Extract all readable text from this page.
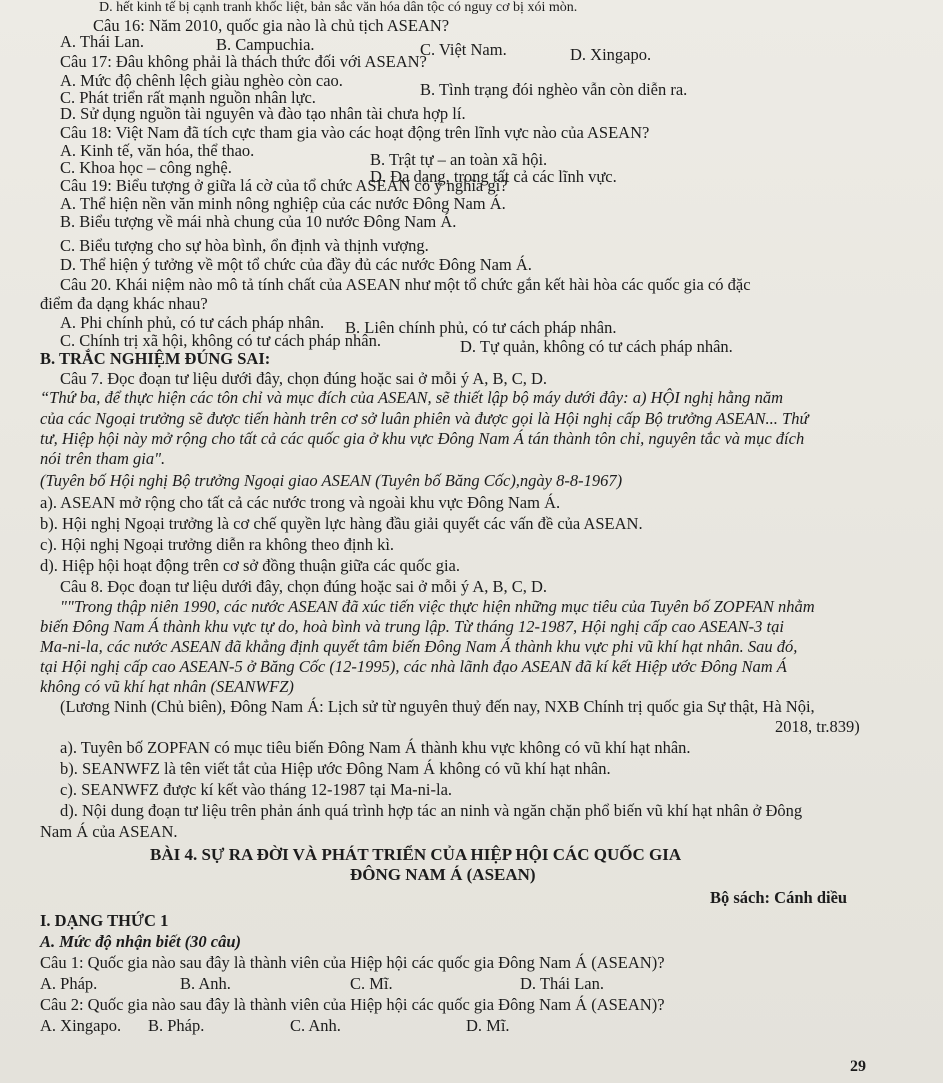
D. hết kinh tế bị cạnh tranh khốc liệt, bản sắc văn hóa dân tộc có nguy cơ bị xói mòn.
Câu 16: Năm 2010, quốc gia nào là chủ tịch ASEAN?
A. Thái Lan.	B. Campuchia.	C. Việt Nam.	D. Xingapo.
Câu 17: Đâu không phải là thách thức đối với ASEAN?
A. Mức độ chênh lệch giàu nghèo còn cao.	B. Tình trạng đói nghèo vẫn còn diễn ra.
C. Phát triển rất mạnh nguồn nhân lực.
D. Sử dụng nguồn tài nguyên và đào tạo nhân tài chưa hợp lí.
Câu 18: Việt Nam đã tích cực tham gia vào các hoạt động trên lĩnh vực nào của ASEAN?
A. Kinh tế, văn hóa, thể thao.	B. Trật tự – an toàn xã hội.
C. Khoa học – công nghệ.	D. Đa dạng, trong tất cả các lĩnh vực.
Câu 19: Biểu tượng ở giữa lá cờ của tổ chức ASEAN có ý nghĩa gì?
A. Thể hiện nền văn minh nông nghiệp của các nước Đông Nam Á.
B. Biểu tượng về mái nhà chung của 10 nước Đông Nam Á.
C. Biểu tượng cho sự hòa bình, ổn định và thịnh vượng.
D. Thể hiện ý tưởng về một tổ chức của đầy đủ các nước Đông Nam Á.
Câu 20. Khái niệm nào mô tả tính chất của ASEAN như một tổ chức gắn kết hài hòa các quốc gia có đặc
điểm đa dạng khác nhau?
A. Phi chính phủ, có tư cách pháp nhân. B. Liên chính phủ, có tư cách pháp nhân.
C. Chính trị xã hội, không có tư cách pháp nhân.	D. Tự quản, không có tư cách pháp nhân.
B. TRẮC NGHIỆM ĐÚNG SAI:
Câu 7. Đọc đoạn tư liệu dưới đây, chọn đúng hoặc sai ở mỗi ý A, B, C, D.
“Thứ ba, để thực hiện các tôn chỉ và mục đích của ASEAN, sẽ thiết lập bộ máy dưới đây: a) HỘI nghị hằng năm
của các Ngoại trưởng sẽ được tiến hành trên cơ sở luân phiên và được gọi là Hội nghị cấp Bộ trưởng ASEAN... Thứ
tư, Hiệp hội này mở rộng cho tất cả các quốc gia ở khu vực Đông Nam Á tán thành tôn chỉ, nguyên tắc và mục đích
nói trên tham gia".
(Tuyên bố Hội nghị Bộ trưởng Ngoại giao ASEAN (Tuyên bố Băng Cốc),ngày 8-8-1967)
a). ASEAN mở rộng cho tất cả các nước trong và ngoài khu vực Đông Nam Á.
b). Hội nghị Ngoại trưởng là cơ chế quyền lực hàng đầu giải quyết các vấn đề của ASEAN.
c). Hội nghị Ngoại trưởng diễn ra không theo định kì.
d). Hiệp hội hoạt động trên cơ sở đồng thuận giữa các quốc gia.
Câu 8. Đọc đoạn tư liệu dưới đây, chọn đúng hoặc sai ở mỗi ý A, B, C, D.
""Trong thập niên 1990, các nước ASEAN đã xúc tiến việc thực hiện những mục tiêu của Tuyên bố ZOPFAN nhằm
biến Đông Nam Á thành khu vực tự do, hoà bình và trung lập. Từ tháng 12-1987, Hội nghị cấp cao ASEAN-3 tại
Ma-ni-la, các nước ASEAN đã khẳng định quyết tâm biến Đông Nam Á thành khu vực phi vũ khí hạt nhân. Sau đó,
tại Hội nghị cấp cao ASEAN-5 ở Băng Cốc (12-1995), các nhà lãnh đạo ASEAN đã kí kết Hiệp ước Đông Nam Á
không có vũ khí hạt nhân (SEANWFZ)
(Lương Ninh (Chủ biên), Đông Nam Á: Lịch sử từ nguyên thuỷ đến nay, NXB Chính trị quốc gia Sự thật, Hà Nội,
2018, tr.839)
a). Tuyên bố ZOPFAN có mục tiêu biến Đông Nam Á thành khu vực không có vũ khí hạt nhân.
b). SEANWFZ là tên viết tắt của Hiệp ước Đông Nam Á không có vũ khí hạt nhân.
c). SEANWFZ được kí kết vào tháng 12-1987 tại Ma-ni-la.
d). Nội dung đoạn tư liệu trên phản ánh quá trình hợp tác an ninh và ngăn chặn phổ biến vũ khí hạt nhân ở Đông
Nam Á của ASEAN.
BÀI 4. SỰ RA ĐỜI VÀ PHÁT TRIỂN CỦA HIỆP HỘI CÁC QUỐC GIA
ĐÔNG NAM Á (ASEAN)
Bộ sách: Cánh diều
I. DẠNG THỨC 1
A. Mức độ nhận biết (30 câu)
Câu 1: Quốc gia nào sau đây là thành viên của Hiệp hội các quốc gia Đông Nam Á (ASEAN)?
A. Pháp.	B. Anh.	C. Mĩ.	D. Thái Lan.
Câu 2: Quốc gia nào sau đây là thành viên của Hiệp hội các quốc gia Đông Nam Á (ASEAN)?
A. Xingapo. B. Pháp.	C. Anh.	D. Mĩ.
29
